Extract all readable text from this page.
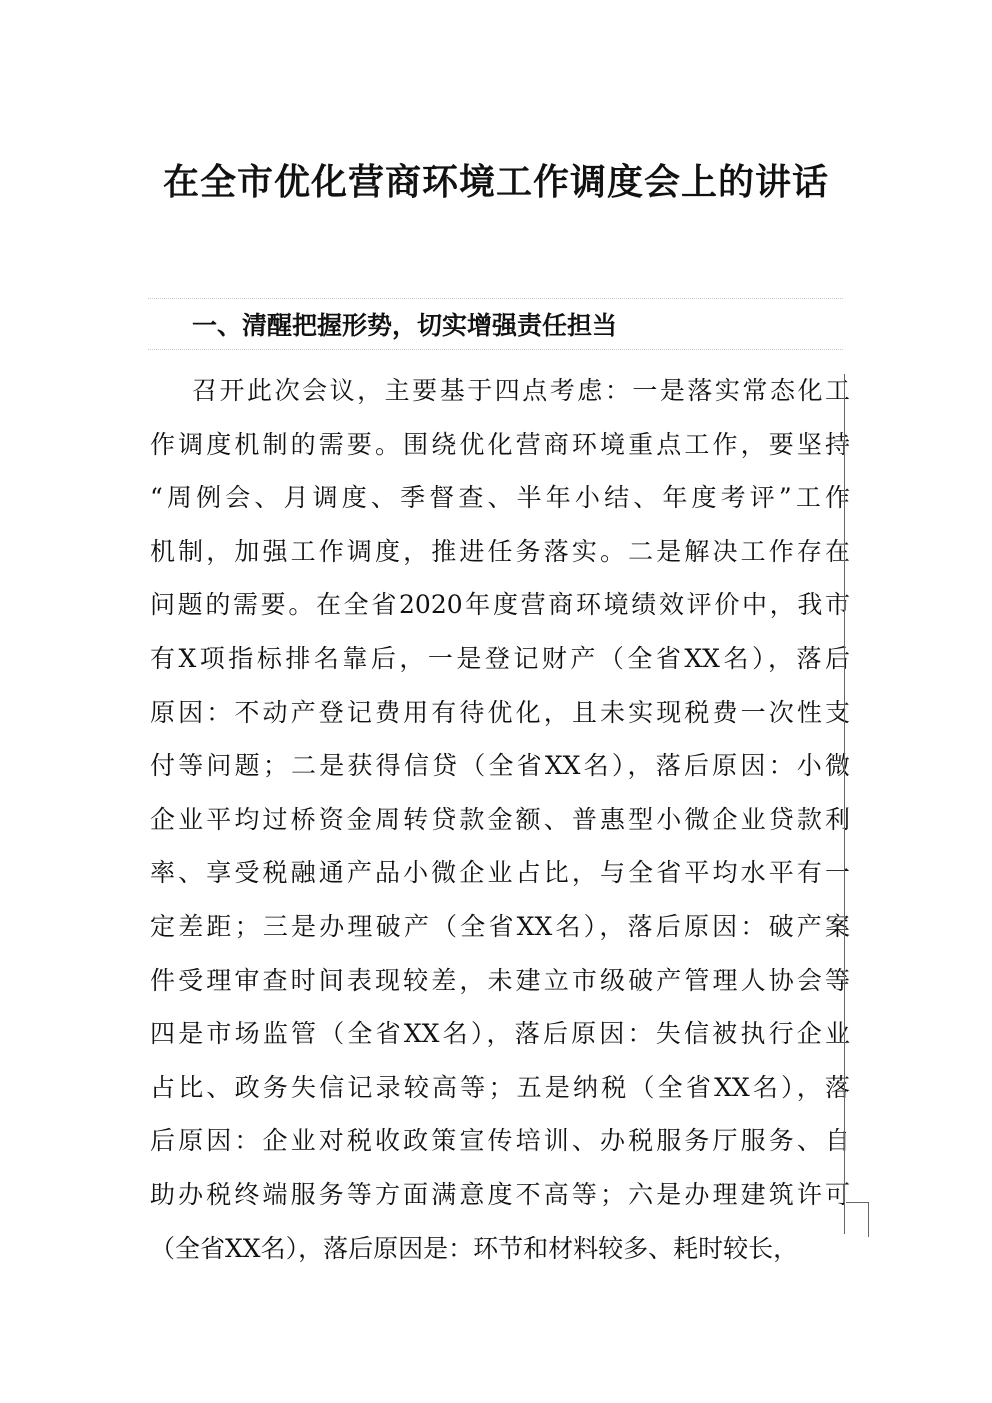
在全市优化营商环境工作调度会上的讲话
一、清醒把握形势，切实增强责任担当
召开此次会议，主要基于四点考虑：一是落实常态化工
作调度机制的需要。围绕优化营商环境重点工作，要坚持
“周例会、月调度、季督查、半年小结、年度考评”工作
机制，加强工作调度，推进任务落实。二是解决工作存在
问题的需要。在全省2020年度营商环境绩效评价中，我市
有X项指标排名靠后，一是登记财产（全省XX名），落后
原因：不动产登记费用有待优化，且未实现税费一次性支
付等问题；二是获得信贷（全省XX名），落后原因：小微
企业平均过桥资金周转贷款金额、普惠型小微企业贷款利
率、享受税融通产品小微企业占比，与全省平均水平有一
定差距；三是办理破产（全省XX名），落后原因：破产案
件受理审查时间表现较差，未建立市级破产管理人协会等
四是市场监管（全省XX名），落后原因：失信被执行企业
占比、政务失信记录较高等；五是纳税（全省XX名），落
后原因：企业对税收政策宣传培训、办税服务厅服务、自
助办税终端服务等方面满意度不高等；六是办理建筑许可
（全省XX名），落后原因是：环节和材料较多、耗时较长，
